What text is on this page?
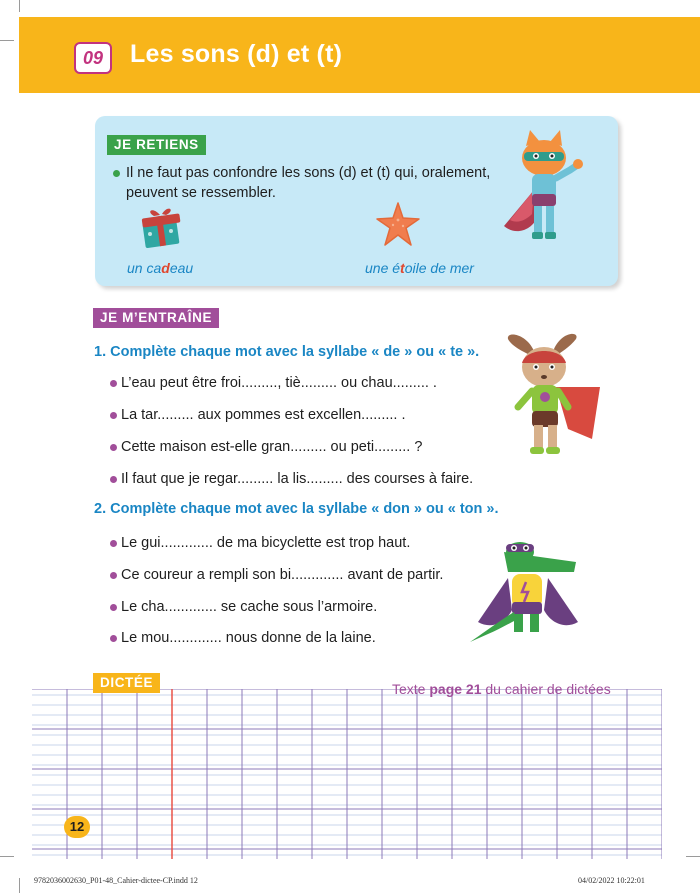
09	Les sons (d) et (t)
JE RETIENS
Il ne faut pas confondre les sons (d) et (t) qui, oralement, peuvent se ressembler.
un cadeau	une étoile de mer
JE M’ENTRAÎNE
1. Complète chaque mot avec la syllabe « de » ou « te ».
L’eau peut être froi........., tiè......... ou chau......... .
La tar......... aux pommes est excellen......... .
Cette maison est-elle gran......... ou peti......... ?
Il faut que je regar......... la lis......... des courses à faire.
2. Complète chaque mot avec la syllabe « don » ou « ton ».
Le gui............. de ma bicyclette est trop haut.
Ce coureur a rempli son bi............. avant de partir.
Le cha............. se cache sous l’armoire.
Le mou............. nous donne de la laine.
DICTÉE	Texte page 21 du cahier de dictées
12
9782036002630_P01-48_Cahier-dictee-CP.indd 12	04/02/2022 10:22:01
